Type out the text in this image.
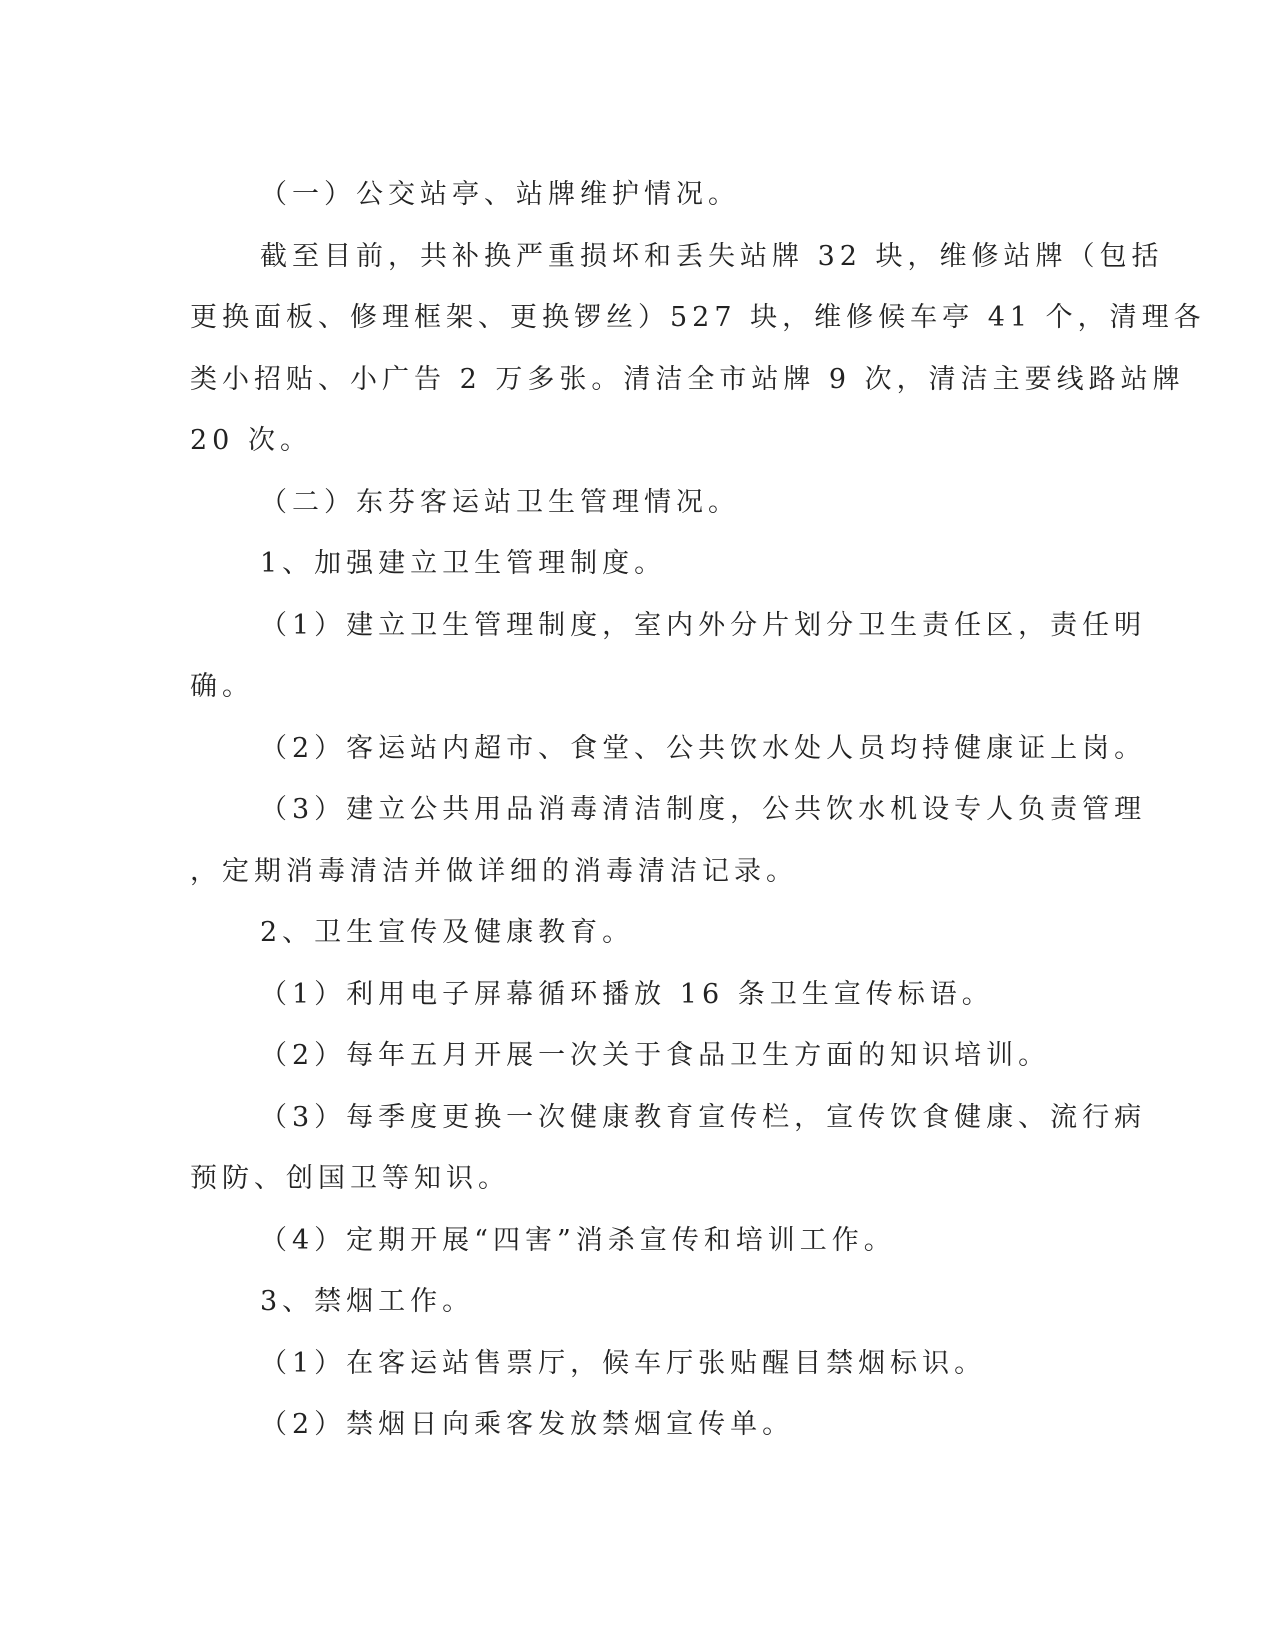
（一）公交站亭、站牌维护情况。
截至目前，共补换严重损坏和丢失站牌 32 块，维修站牌（包括
更换面板、修理框架、更换锣丝）527 块，维修候车亭 41 个，清理各
类小招贴、小广告 2 万多张。清洁全市站牌 9 次，清洁主要线路站牌
20 次。
（二）东芬客运站卫生管理情况。
1、加强建立卫生管理制度。
（1）建立卫生管理制度，室内外分片划分卫生责任区，责任明
确。
（2）客运站内超市、食堂、公共饮水处人员均持健康证上岗。
（3）建立公共用品消毒清洁制度，公共饮水机设专人负责管理
，定期消毒清洁并做详细的消毒清洁记录。
2、卫生宣传及健康教育。
（1）利用电子屏幕循环播放 16 条卫生宣传标语。
（2）每年五月开展一次关于食品卫生方面的知识培训。
（3）每季度更换一次健康教育宣传栏，宣传饮食健康、流行病
预防、创国卫等知识。
（4）定期开展“四害”消杀宣传和培训工作。
3、禁烟工作。
（1）在客运站售票厅，候车厅张贴醒目禁烟标识。
（2）禁烟日向乘客发放禁烟宣传单。
